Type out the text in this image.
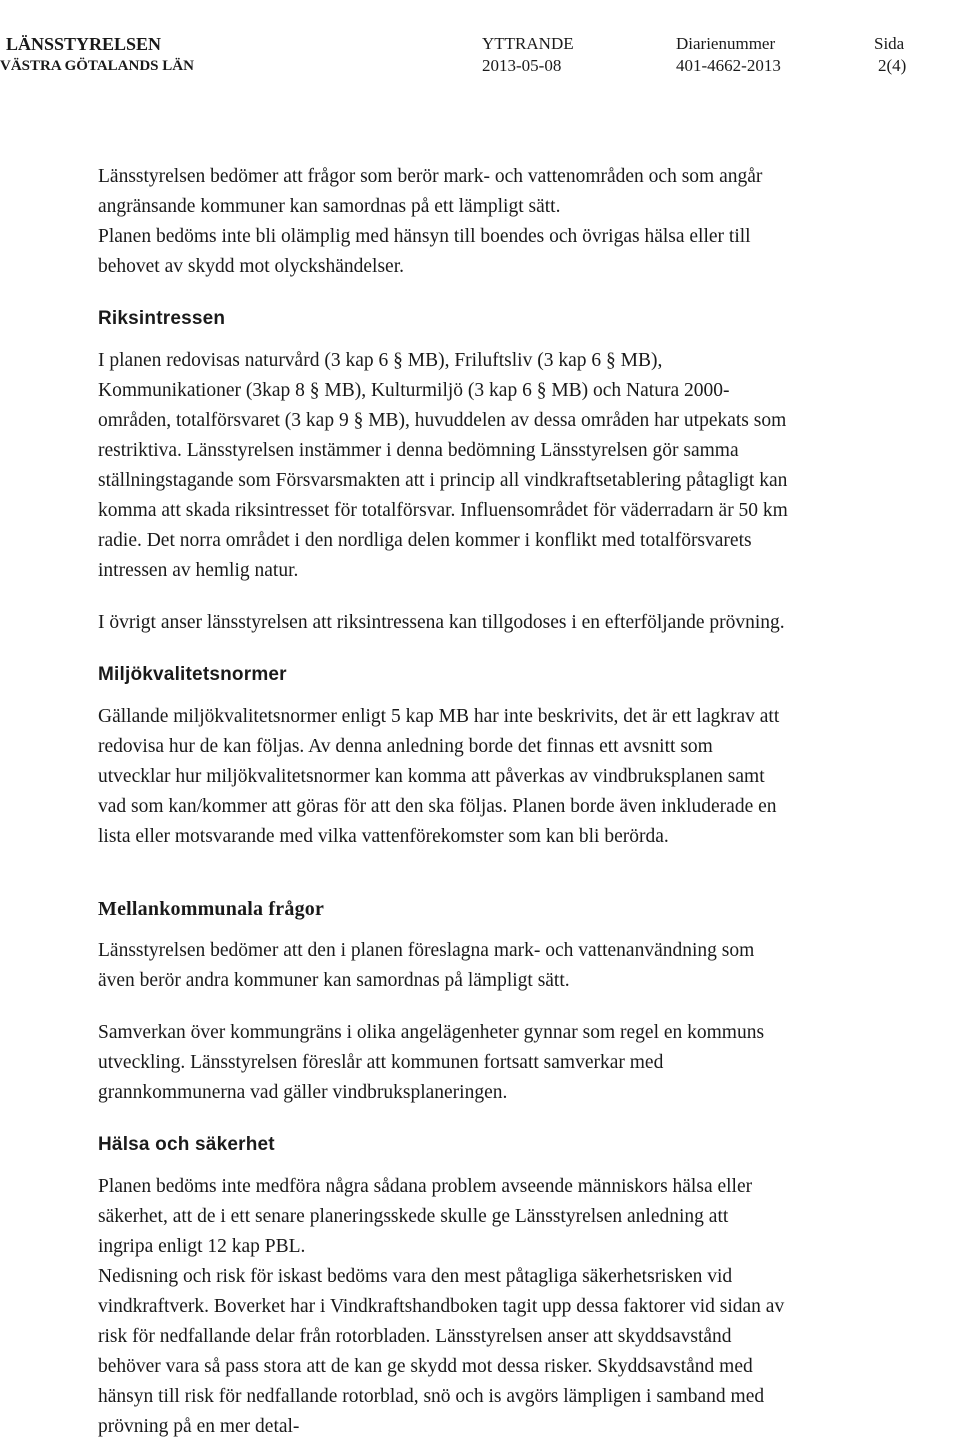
LÄNSSTYRELSEN
VÄSTRA GÖTALANDS LÄN
YTTRANDE
2013-05-08
Diarienummer
401-4662-2013
Sida
2(4)

Länsstyrelsen bedömer att frågor som berör mark- och vattenområden och som angår angränsande kommuner kan samordnas på ett lämpligt sätt.

Planen bedöms inte bli olämplig med hänsyn till boendes och övrigas hälsa eller till behovet av skydd mot olyckshändelser.

Riksintressen

I planen redovisas naturvård (3 kap 6 § MB), Friluftsliv (3 kap 6 § MB), Kommunikationer (3kap 8 § MB), Kulturmiljö (3 kap 6 § MB) och Natura 2000-områden, totalförsvaret (3 kap 9 § MB), huvuddelen av dessa områden har utpekats som restriktiva. Länsstyrelsen instämmer i denna bedömning Länsstyrelsen gör samma ställningstagande som Försvarsmakten att i princip all vindkraftsetablering påtagligt kan komma att skada riksintresset för totalförsvar. Influensområdet för väderradarn är 50 km radie. Det norra området i den nordliga delen kommer i konflikt med totalförsvarets intressen av hemlig natur.

I övrigt anser länsstyrelsen att riksintressena kan tillgodoses i en efterföljande prövning.

Miljökvalitetsnormer

Gällande miljökvalitetsnormer enligt 5 kap MB har inte beskrivits, det är ett lagkrav att redovisa hur de kan följas. Av denna anledning borde det finnas ett avsnitt som utvecklar hur miljökvalitetsnormer kan komma att påverkas av vindbruksplanen samt vad som kan/kommer att göras för att den ska följas. Planen borde även inkluderade en lista eller motsvarande med vilka vattenförekomster som kan bli berörda.

Mellankommunala frågor

Länsstyrelsen bedömer att den i planen föreslagna mark- och vattenanvändning som även berör andra kommuner kan samordnas på lämpligt sätt.

Samverkan över kommungräns i olika angelägenheter gynnar som regel en kommuns utveckling. Länsstyrelsen föreslår att kommunen fortsatt samverkar med grannkommunerna vad gäller vindbruksplaneringen.

Hälsa och säkerhet

Planen bedöms inte medföra några sådana problem avseende människors hälsa eller säkerhet, att de i ett senare planeringsskede skulle ge Länsstyrelsen anledning att ingripa enligt 12 kap PBL.

Nedisning och risk för iskast bedöms vara den mest påtagliga säkerhetsrisken vid vindkraftverk. Boverket har i Vindkraftshandboken tagit upp dessa faktorer vid sidan av risk för nedfallande delar från rotorbladen. Länsstyrelsen anser att skyddsavstånd behöver vara så pass stora att de kan ge skydd mot dessa risker. Skyddsavstånd med hänsyn till risk för nedfallande rotorblad, snö och is avgörs lämpligen i samband med prövning på en mer detal-
